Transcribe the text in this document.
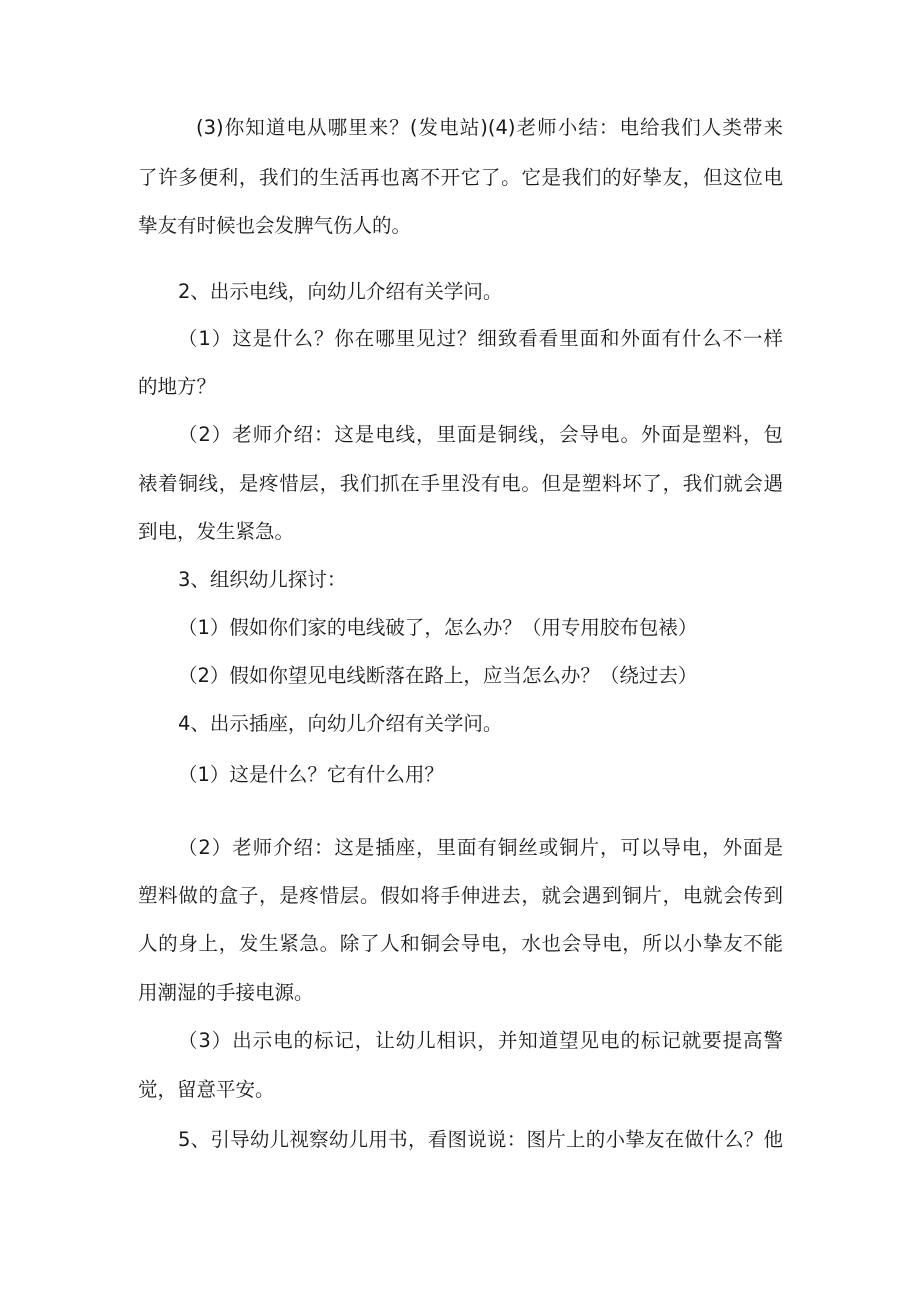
(3)你知道电从哪里来？(发电站)(4)老师小结：电给我们人类带来
了许多便利，我们的生活再也离不开它了。它是我们的好挚友，但这位电
挚友有时候也会发脾气伤人的。
2、出示电线，向幼儿介绍有关学问。
（1）这是什么？你在哪里见过？细致看看里面和外面有什么不一样
的地方？
（2）老师介绍：这是电线，里面是铜线，会导电。外面是塑料，包
裱着铜线，是疼惜层，我们抓在手里没有电。但是塑料坏了，我们就会遇
到电，发生紧急。
3、组织幼儿探讨：
（1）假如你们家的电线破了，怎么办？（用专用胶布包裱）
（2）假如你望见电线断落在路上，应当怎么办？（绕过去）
4、出示插座，向幼儿介绍有关学问。
（1）这是什么？它有什么用？
（2）老师介绍：这是插座，里面有铜丝或铜片，可以导电，外面是
塑料做的盒子，是疼惜层。假如将手伸进去，就会遇到铜片，电就会传到
人的身上，发生紧急。除了人和铜会导电，水也会导电，所以小挚友不能
用潮湿的手接电源。
（3）出示电的标记，让幼儿相识，并知道望见电的标记就要提高警
觉，留意平安。
5、引导幼儿视察幼儿用书，看图说说：图片上的小挚友在做什么？他
